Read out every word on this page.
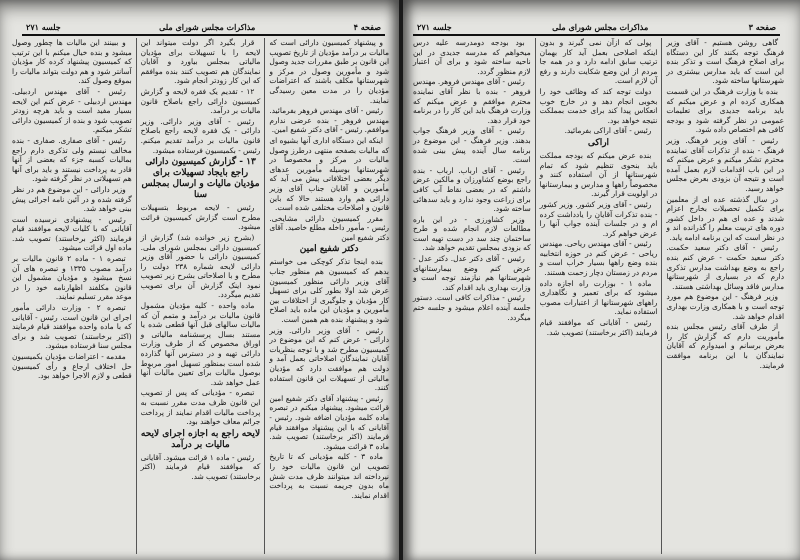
صفحه ۴
مذاکرات مجلس شورای ملی
جلسه ۲۷۱

و پیشنهاد کمیسیون دارائی است که مالیات بر درآمد مؤدیان از تاریخ تصویب این قانون بر طبق مقررات جدید وصول شود و مأمورین وصول در مرکز و شهرستانها مکلف باشند که اعتراضات مؤدیان را در مدت معین رسیدگی نمایند.

رئیس - آقای مهندس فروهر بفرمائید. مهندس فروهر - بنده عرضی ندارم موافقم. رئیس - آقای دکتر شفیع امین.

اینکه این دستگاه اداری آنها بشیوه ای که مالیات بصفحه منتهی درطرز وصول مالیات در مرکز و مخصوصاً در شهرستانها بوسیله مأمورین عدهای دیگر بعضی اختلافاتی پیش می آید که مأمورین و آقایان جناب آقای وزیر دارائی هم وارد هستند حالا که باین قانون و اصلاحات مختلفی شده است.

مقرر کمیسیون دارائی مشایخی. رئیس - مأمور داخله مطلع خاصید. آقای دکتر شفیع امین

دکتر شفیع امین

بنده اینجا تذکر کوچکی می خواستم بدهم که کمیسیون هم منظور جناب آقای وزیر دارائی منظور کمیسیون عرض شد اولا بطور کلی برای تسهیل کار مؤدیان و جلوگیری از اختلافات بین مأمورین و مؤدیان این ماده باید اصلاح شود و پیشنهاد بنده هم همین است.

رئیس - آقای وزیر دارائی. وزیر دارائی - عرض کنم که این موضوع در کمیسیون مطرح شد و با توجه بنظریات آقایان نمایندگان اصلاحاتی بعمل آمد و دولت هم موافقت دارد که مؤدیان مالیاتی از تسهیلات این قانون استفاده کنند.

رئیس - پیشنهاد آقای دکتر شفیع امین قرائت میشود. پیشنهاد میکنم در تبصره ماده کلمه مؤدیان اضافه شود. رئیس - آقایانی که با این پیشنهاد موافقند قیام فرمایند (اکثر برخاستند) تصویب شد. ماده ۳ قرائت میشود.

ماده ۳ - کلیه مؤدیانی که تا تاریخ تصویب این قانون مالیات خود را نپرداخته اند میتوانند ظرف مدت شش ماه بدون جریمه نسبت به پرداخت اقدام نمایند.

قرار بگیرد اگر دولت میتواند این لایحه را با تسهیلات برای مؤدیان مالیاتی بمجلس بیاورد و آقایان نمایندگان هم تصویب کنند بنده موافقم که این کار زودتر انجام شود.

۱۲ - تقدیم یک فقره لایحه و گزارش کمیسیون دارائی راجع باصلاح قانون مالیات بر درآمد.

رئیس - آقای وزیر دارائی. وزیر دارائی - یک فقره لایحه راجع باصلاح قانون مالیات بر درآمد تقدیم میکنم. رئیس - بکمیسیون فرستاده میشود.

۱۳ - گزارش کمیسیون دارائی راجع بایجاد تسهیلات برای مؤدیان مالیات و ارسال بمجلس سنا

رئیس - لایحه مربوط بتسهیلات مطرح است گزارش کمیسیون قرائت میشود.

(بشرح زیر خوانده شد) گزارش از کمیسیون دارائی بمجلس شورای ملی. کمیسیون دارائی با حضور آقای وزیر دارائی لایحه شماره ۲۳۸ دولت را مطرح و با اصلاحاتی بشرح زیر تصویب نمود اینک گزارش آن برای تصویب تقدیم میگردد.

ماده واحده - کلیه مؤدیان مشمول قانون مالیات بر درآمد و متمم آن که مالیات سالهای قبل آنها قطعی شده یا مستند بسال پرسشنامه مالیاتی و اوراق مخصوص که از طرف وزارت دارائی تهیه و در دسترس آنها گذارده شده است بمنظور تسهیل امور مربوط بوصول مالیات برای تعیین مالیات آنها عمل خواهد شد.

تبصره - مؤدیانی که پس از تصویب این قانون ظرف مدت مقرر نسبت به پرداخت مالیات اقدام نمایند از پرداخت جرائم معاف خواهند بود.

لایحه راجع به اجازه اجرای لایحه مالیات بر درآمد

رئیس - ماده ۱ قرائت میشود. آقایانی که موافقند قیام فرمایند (اکثر برخاستند) تصویب شد.

و ببینند این مالیات ها چطور وصول میشود و بنده خیال میکنم با این ترتیب که کمیسیون پیشنهاد کرده کار مؤدیان آسانتر شود و هم دولت بتواند مالیات را بموقع وصول کند.

رئیس - آقای مهندس اردبیلی. مهندس اردبیلی - عرض کنم این لایحه بسیار مفید است و باید هرچه زودتر تصویب شود و بنده از کمیسیون دارائی تشکر میکنم.

رئیس - آقای صفاری. صفاری - بنده مخالف نیستم ولی تذکری دارم راجع بمالیات کسبه جزء که بعضی از آنها قادر به پرداخت نیستند و باید برای آنها هم تسهیلاتی در نظر گرفته شود.

وزیر دارائی - این موضوع هم در نظر گرفته شده و در آئین نامه اجرائی پیش بینی خواهد شد.

رئیس - پیشنهادی نرسیده است آقایانی که با کلیات لایحه موافقند قیام فرمایند (اکثر برخاستند) تصویب شد. ماده اول قرائت میشود.

تبصره ۱ - ماده ۲ قانون مالیات بر درآمد مصوب ۱۳۳۵ و تبصره های آن نسخ میشود و مؤدیان مشمول این قانون مکلفند اظهارنامه خود را در موعد مقرر تسلیم نمایند.

تبصره ۲ - وزارت دارائی مأمور اجرای این قانون است. رئیس - آقایانی که با ماده واحده موافقند قیام فرمایند (اکثر برخاستند) تصویب شد و برای مجلس سنا فرستاده میشود.

مقدمه - اعتراضات مؤدیان بکمیسیون حل اختلاف ارجاع و رأی کمیسیون قطعی و لازم الاجرا خواهد بود.

صفحه ۳
مذاکرات مجلس شورای ملی
جلسه ۲۷۱

گاهی روشن هستیم - آقای وزیر فرهنگ توجه بکنند کار این دستگاه برای اصلاح فرهنگ است و تذکر بنده این است که باید مدارس بیشتری در شهرستانها ساخته شود.

بنده با وزارت فرهنگ در این قسمت همکاری کرده ام و عرض میکنم که باید برنامه جدیدی برای تعلیمات عمومی در نظر گرفته شود و بودجه کافی هم اختصاص داده شود.

رئیس - آقای وزیر فرهنگ. وزیر فرهنگ - بنده از تذکرات آقای نماینده محترم تشکر میکنم و عرض میکنم که در این باب اقدامات لازم بعمل آمده است و نتیجه آن بزودی بعرض مجلس خواهد رسید.

در سال گذشته عده ای از معلمین برای تکمیل تحصیلات بخارج اعزام شدند و عده ای هم در داخل کشور دوره های تربیت معلم را گذرانده اند و در نظر است که این برنامه ادامه یابد.

رئیس - آقای دکتر سعید حکمت. دکتر سعید حکمت - عرض کنم بنده راجع به وضع بهداشت مدارس تذکری دارم که در بسیاری از شهرستانها مدارس فاقد وسائل بهداشتی هستند.

وزیر فرهنگ - این موضوع هم مورد توجه است و با همکاری وزارت بهداری اقدام خواهد شد.

از طرف آقای رئیس مجلس بنده مأموریت دارم که گزارش کار را بعرض برسانم و امیدوارم که آقایان نمایندگان با این برنامه موافقت فرمایند.

پولی که ازآن نمی گیرند و بدون اینکه اصلاحی بعمل آید کار بهمان ترتیب سابق ادامه دارد و در همه جا مردم از این وضع شکایت دارند و رفع آن لازم است.

دولت توجه کند که وظائف خود را بخوبی انجام دهد و در خارج خوب انعکاس پیدا کند برای خدمت بمملکت نتیجه خواهد بود.

رئیس - آقای اراکی بفرمائید.

اراکی

بنده عرض میکنم که بودجه مملکت باید بنحوی تنظیم شود که تمام شهرستانها از آن استفاده کنند و مخصوصاً راهها و مدارس و بیمارستانها در اولویت قرار گیرند.

رئیس - آقای وزیر کشور. وزیر کشور - بنده تذکرات آقایان را یادداشت کرده ام و در جلسات آینده جواب آنها را عرض خواهم کرد.

رئیس - آقای مهندس ریاحی. مهندس ریاحی - عرض کنم در حوزه انتخابیه بنده وضع راهها بسیار خراب است و مردم در زمستان دچار زحمت هستند.

ماده ۱ - بوزارت راه اجازه داده میشود که برای تعمیر و نگاهداری راههای شهرستانها از اعتبارات مصوب استفاده نماید.

رئیس - آقایانی که موافقند قیام فرمایند (اکثر برخاستند) تصویب شد.

بود بودجه دومدرسه علیه درس میخواهم که مدرسه جدیدی در این ناحیه ساخته شود و برای آن اعتبار لازم منظور گردد.

رئیس - آقای مهندس فروهر. مهندس فروهر - بنده با نظر آقای نماینده محترم موافقم و عرض میکنم که وزارت فرهنگ باید این کار را در برنامه خود قرار دهد.

رئیس - آقای وزیر فرهنگ جواب بدهند. وزیر فرهنگ - این موضوع در برنامه سال آینده پیش بینی شده است.

رئیس - آقای ارباب. ارباب - بنده راجع بوضع کشاورزان و مالکین عرض داشتم که در بعضی نقاط آب کافی برای زراعت وجود ندارد و باید سدهائی ساخته شود.

وزیر کشاورزی - در این باره مطالعات لازم انجام شده و طرح ساختمان چند سد در دست تهیه است که بزودی بمجلس تقدیم خواهد شد.

رئیس - آقای دکتر عدل. دکتر عدل - عرض کنم وضع بیمارستانهای شهرستانها هم نیازمند توجه است و وزارت بهداری باید اقدام کند.

رئیس - مذاکرات کافی است. دستور جلسه آینده اعلام میشود و جلسه ختم میگردد.
